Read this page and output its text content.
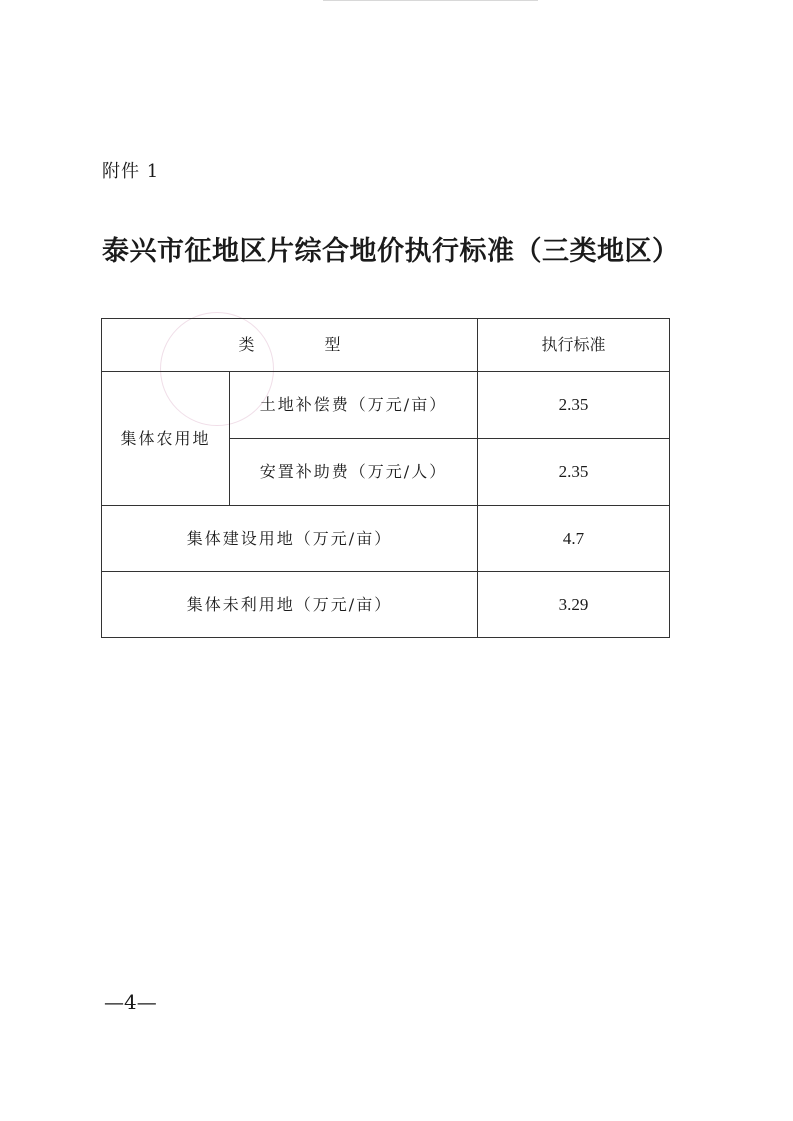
附件 1
泰兴市征地区片综合地价执行标准（三类地区）
类 型		执行标准
集体农用地	土地补偿费（万元/亩）	2.35
	安置补助费（万元/人）	2.35
集体建设用地（万元/亩）		4.7
集体未利用地（万元/亩）		3.29
—4—
